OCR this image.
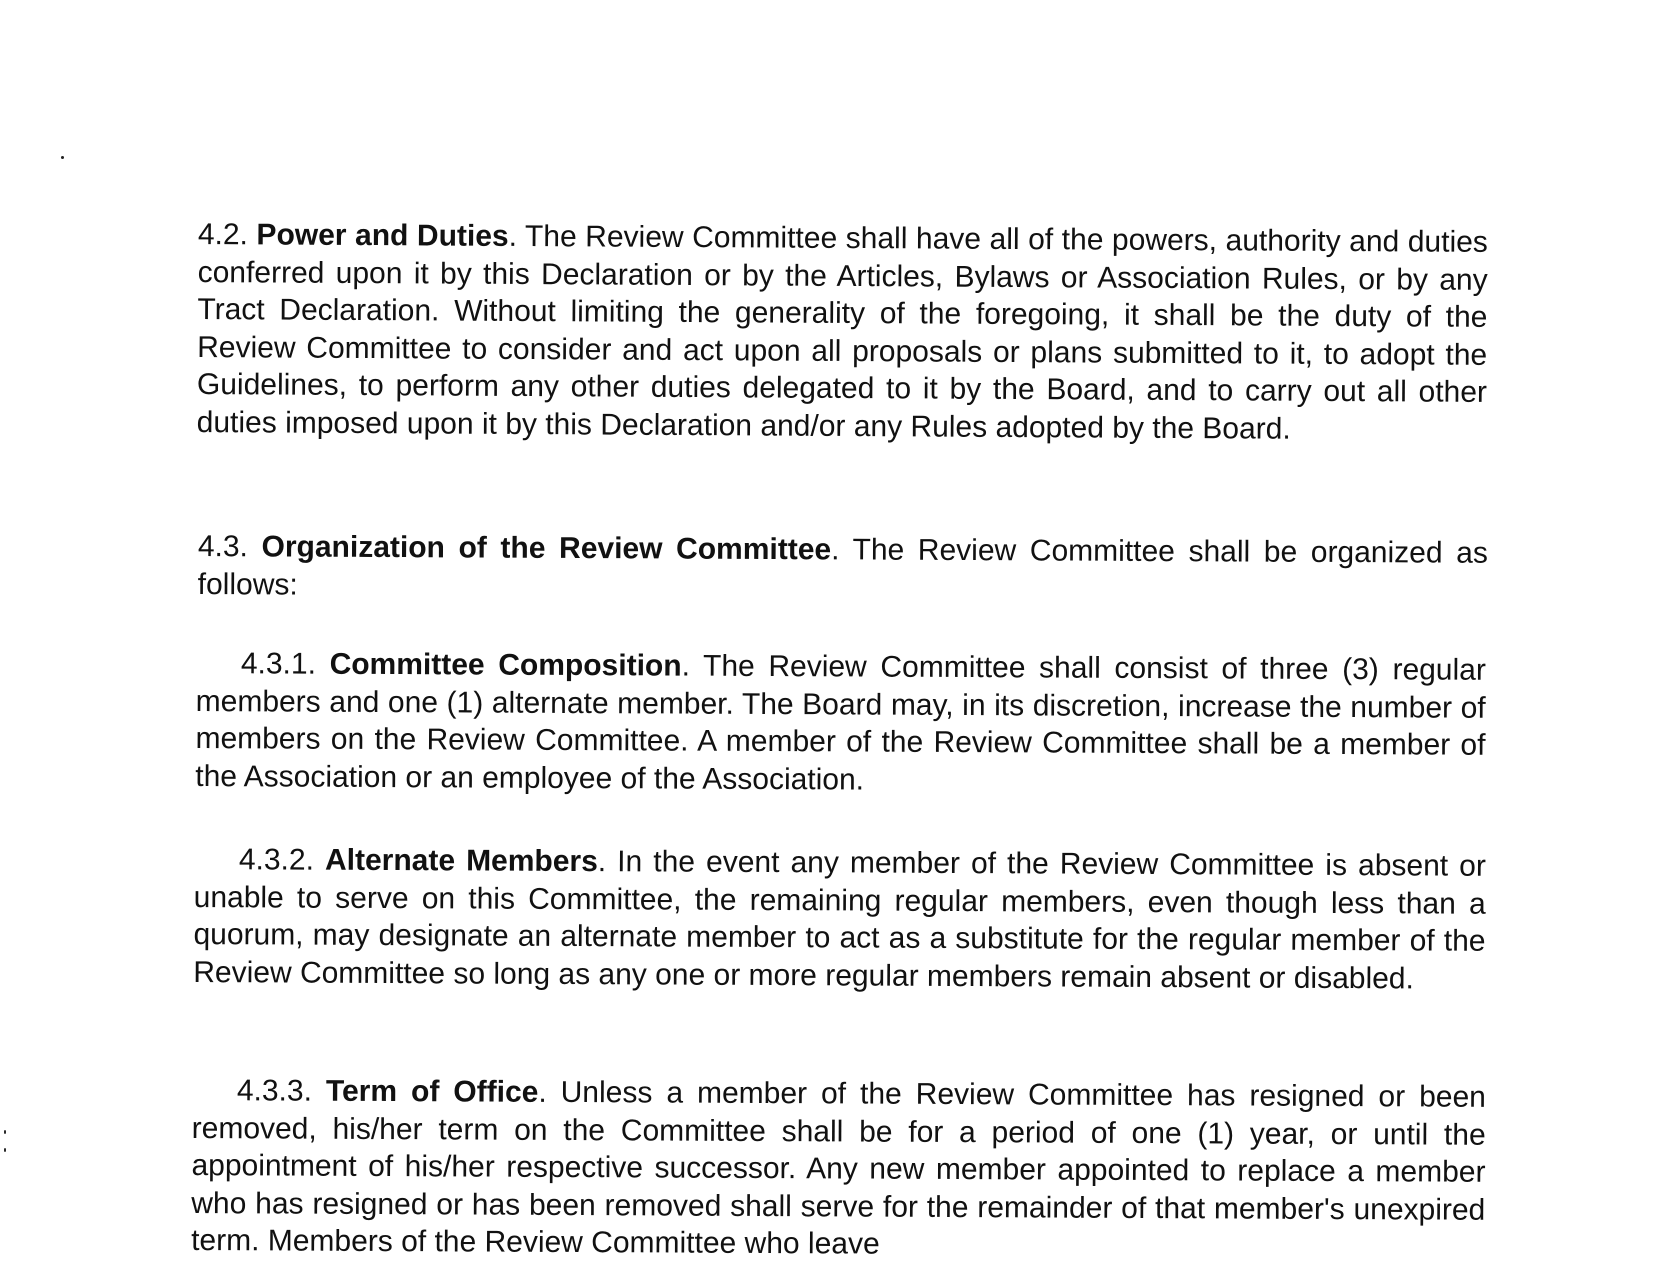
4.2. Power and Duties. The Review Committee shall have all of the powers, authority and duties conferred upon it by this Declaration or by the Articles, Bylaws or Association Rules, or by any Tract Declaration. Without limiting the generality of the foregoing, it shall be the duty of the Review Committee to consider and act upon all proposals or plans submitted to it, to adopt the Guidelines, to perform any other duties delegated to it by the Board, and to carry out all other duties imposed upon it by this Declaration and/or any Rules adopted by the Board.

4.3. Organization of the Review Committee. The Review Committee shall be organized as follows:

4.3.1. Committee Composition. The Review Committee shall consist of three (3) regular members and one (1) alternate member. The Board may, in its discretion, increase the number of members on the Review Committee. A member of the Review Committee shall be a member of the Association or an employee of the Association.

4.3.2. Alternate Members. In the event any member of the Review Committee is absent or unable to serve on this Committee, the remaining regular members, even though less than a quorum, may designate an alternate member to act as a substitute for the regular member of the Review Committee so long as any one or more regular members remain absent or disabled.

4.3.3. Term of Office. Unless a member of the Review Committee has resigned or been removed, his/her term on the Committee shall be for a period of one (1) year, or until the appointment of his/her respective successor. Any new member appointed to replace a member who has resigned or has been removed shall serve for the remainder of that member's unexpired term. Members of the Review Committee who leave
